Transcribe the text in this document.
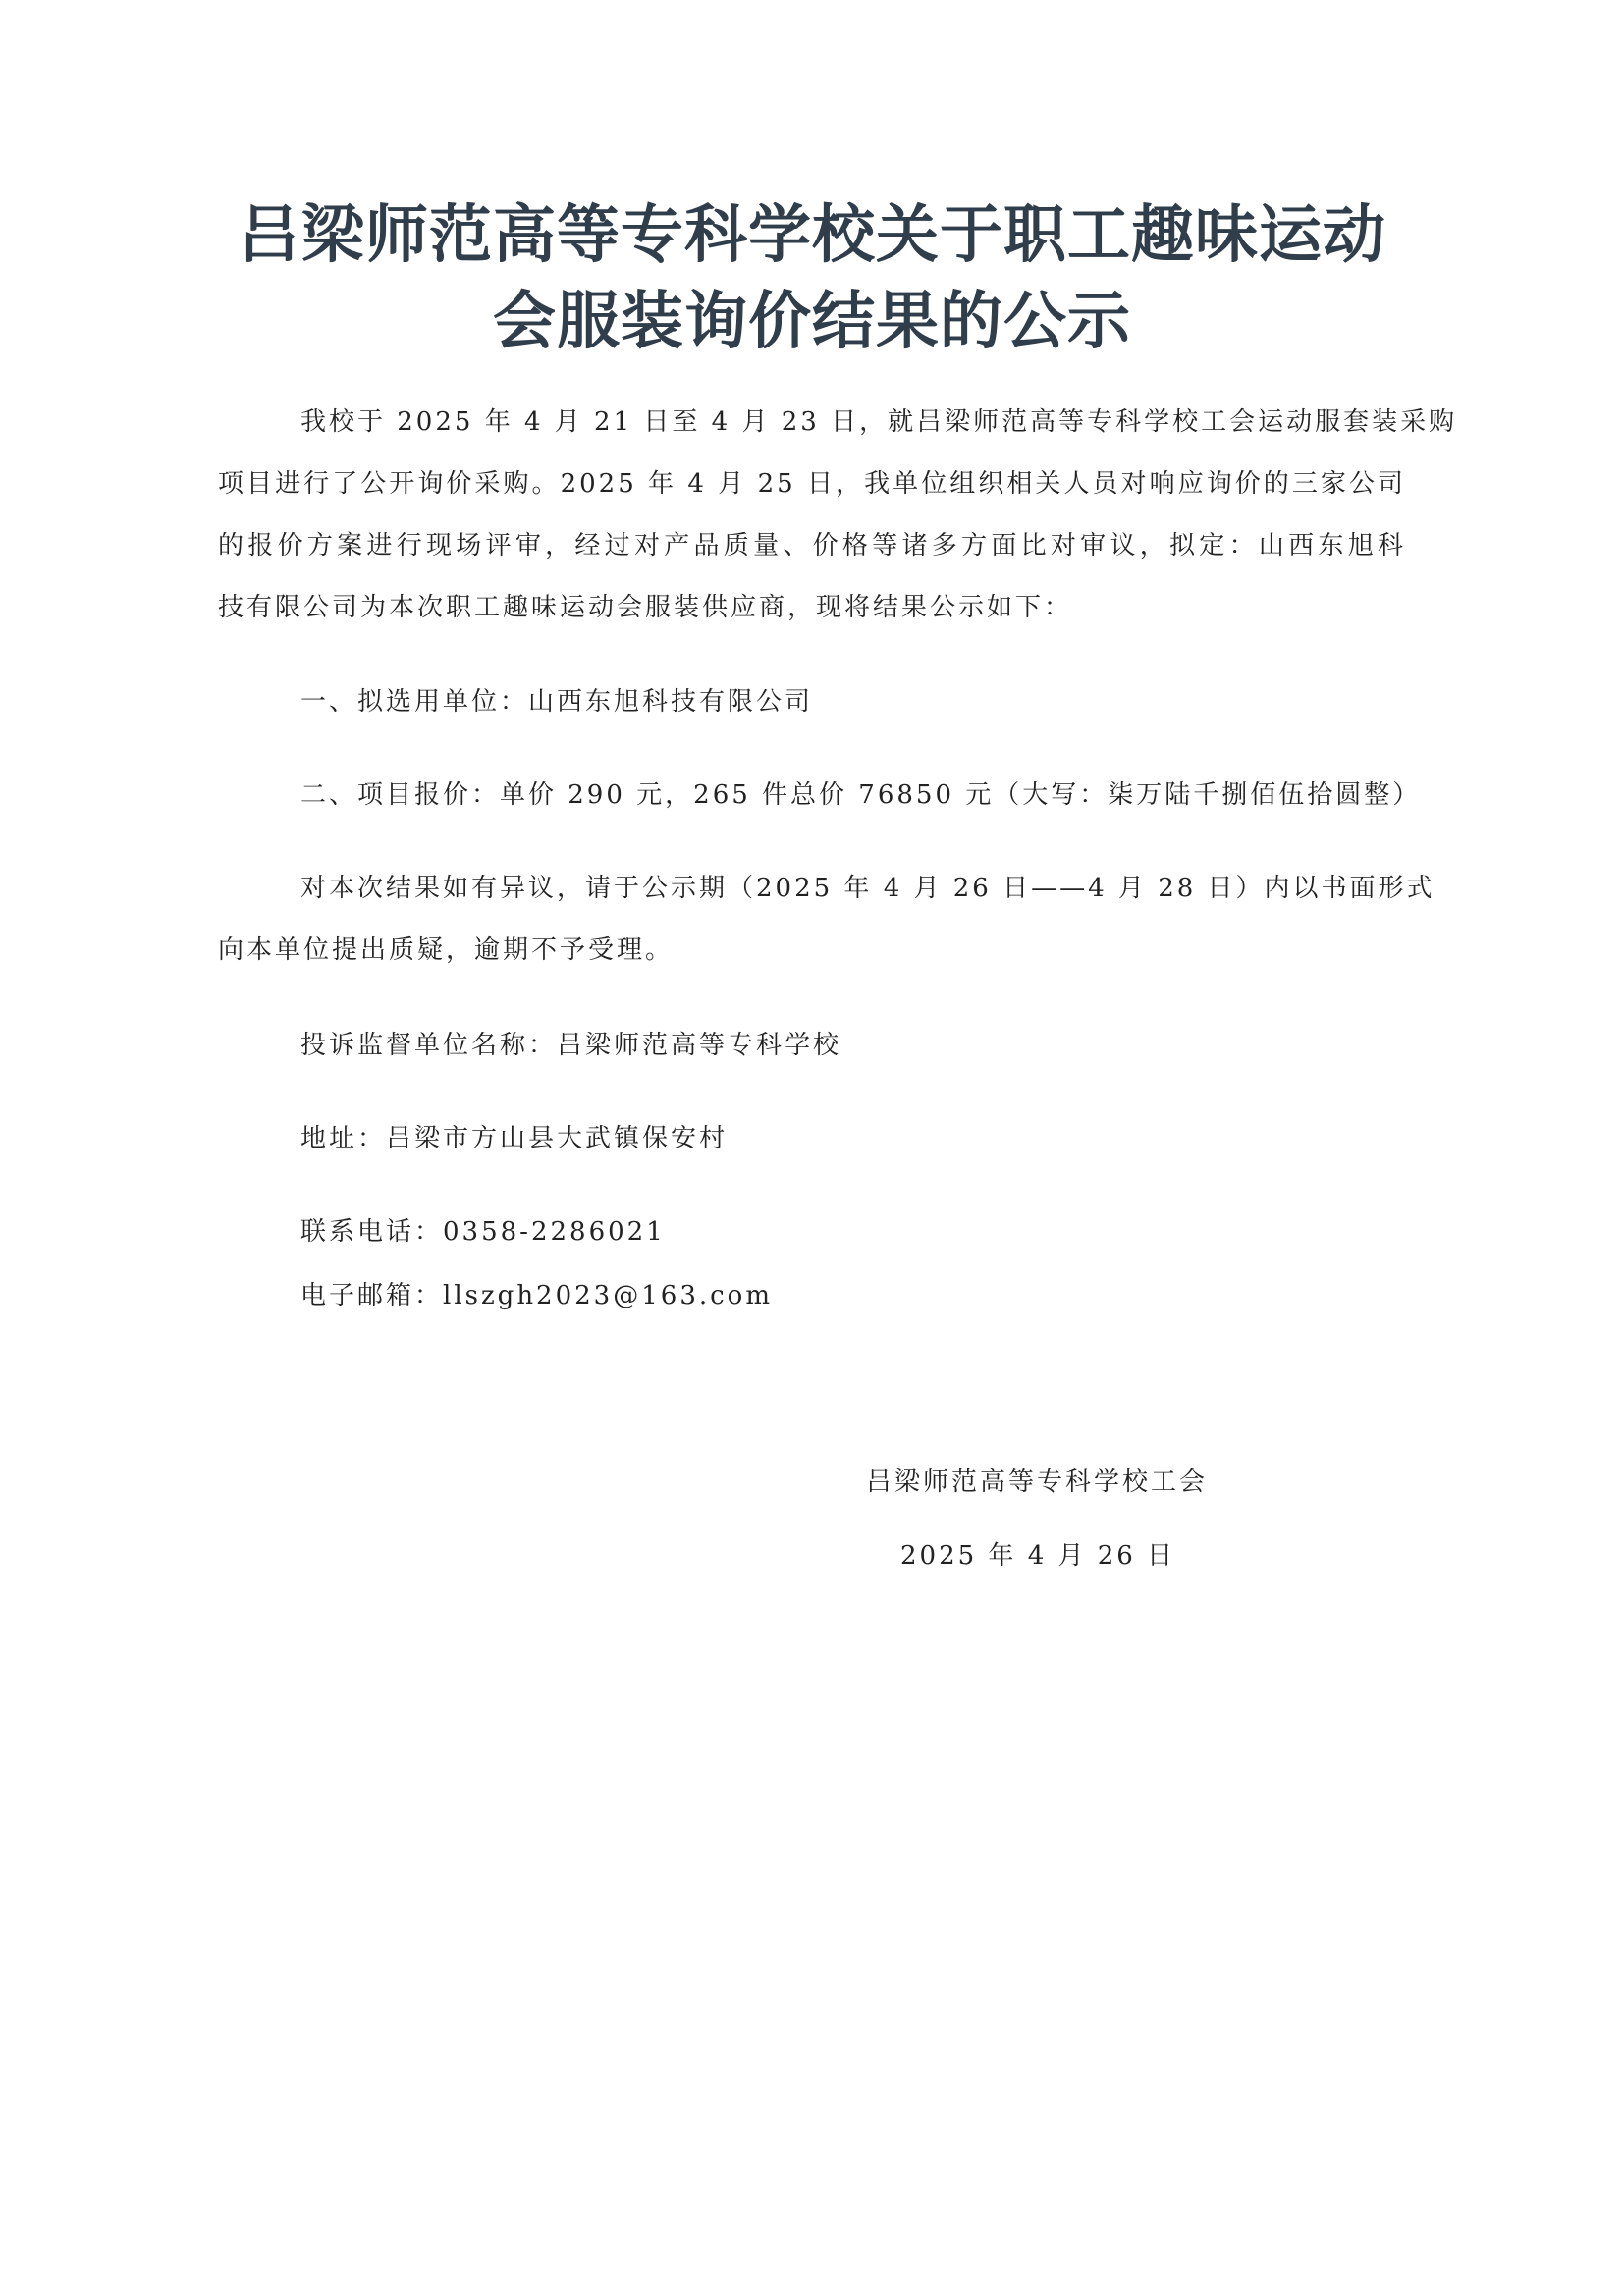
吕梁师范高等专科学校关于职工趣味运动
会服装询价结果的公示
我校于 2025 年 4 月 21 日至 4 月 23 日，就吕梁师范高等专科学校工会运动服套装采购
项目进行了公开询价采购。2025 年 4 月 25 日，我单位组织相关人员对响应询价的三家公司
的报价方案进行现场评审，经过对产品质量、价格等诸多方面比对审议，拟定：山西东旭科
技有限公司为本次职工趣味运动会服装供应商，现将结果公示如下：
一、拟选用单位：山西东旭科技有限公司
二、项目报价：单价 290 元，265 件总价 76850 元（大写：柒万陆千捌佰伍拾圆整）
对本次结果如有异议，请于公示期（2025 年 4 月 26 日——4 月 28 日）内以书面形式
向本单位提出质疑，逾期不予受理。
投诉监督单位名称：吕梁师范高等专科学校
地址：吕梁市方山县大武镇保安村
联系电话：0358-2286021
电子邮箱：llszgh2023@163.com
吕梁师范高等专科学校工会
2025 年 4 月 26 日
